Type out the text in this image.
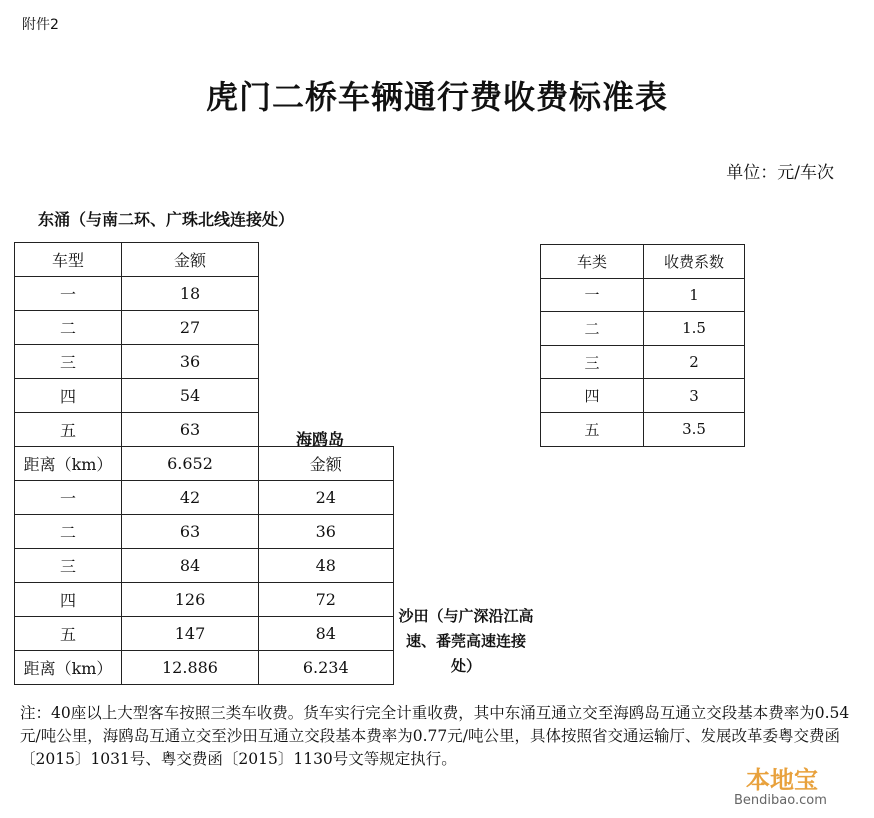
附件2
虎门二桥车辆通行费收费标准表
单位：元/车次
东涌（与南二环、广珠北线连接处）
海鸥岛
沙田（与广深沿江高速、番莞高速连接处）
车型	金额	
一	18	
二	27	
三	36	
四	54	
五	63	
距离（km）	6.652	金额
一	42	24
二	63	36
三	84	48
四	126	72
五	147	84
距离（km）	12.886	6.234
车类	收费系数
一	1
二	1.5
三	2
四	3
五	3.5
注：40座以上大型客车按照三类车收费。货车实行完全计重收费，其中东涌互通立交至海鸥岛互通立交段基本费率为0.54元/吨公里，海鸥岛互通立交至沙田互通立交段基本费率为0.77元/吨公里，具体按照省交通运输厅、发展改革委粤交费函〔2015〕1031号、粤交费函〔2015〕1130号文等规定执行。
本地宝
Bendibao.com
